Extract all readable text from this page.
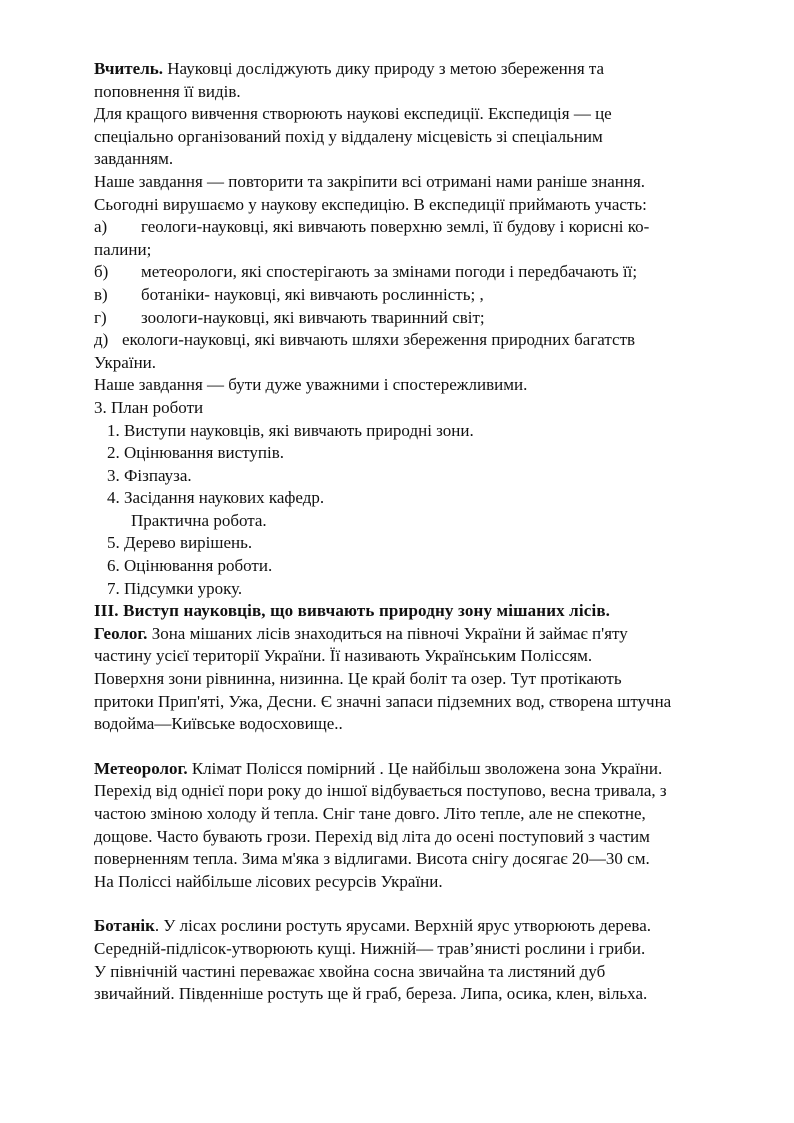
Вчитель. Науковці досліджують дику природу з метою збереження та
поповнення її видів.

Для кращого вивчення створюють наукові експедиції. Експедиція — це
спеціально організований похід у віддалену місцевість зі спеціальним
завданням.
Наше завдання — повторити та закріпити всі отримані нами раніше знання.
Сьогодні вирушаємо у наукову експедицію. В експедиції приймають участь:

а)	геологи-науковці, які вивчають поверхню землі, її будову і корисні ко-
палини;
б)	метеорологи, які спостерігають за змінами погоди і передбачають її;
в)	ботаніки- науковці, які вивчають рослинність; ,
г)	зоологи-науковці, які вивчають тваринний світ;
д) екологи-науковці, які вивчають шляхи збереження природних багатств
України.

Наше завдання — бути дуже уважними і спостережливими.

3. План роботи

1. Виступи науковців, які вивчають природні зони.
2. Оцінювання виступів.
3. Фізпауза.
4. Засідання наукових кафедр.
Практична робота.
5. Дерево вирішень.
6. Оцінювання роботи.
7. Підсумки уроку.

ІІІ. Виступ науковців, що вивчають природну зону мішаних лісів.

Геолог. Зона мішаних лісів знаходиться на півночі України й займає п'яту
частину усієї території України. Її називають Українським Поліссям.
Поверхня зони рівнинна, низинна. Це край боліт та озер. Тут протікають
притоки Прип'яті, Ужа, Десни. Є значні запаси підземних вод, створена штучна
водойма—Київське водосховище..

Метеоролог. Клімат Полісся помірний . Це найбільш зволожена зона України.
Перехід від однієї пори року до іншої відбувається поступово, весна тривала, з
частою зміною холоду й тепла. Сніг тане довго. Літо тепле, але не спекотне,
дощове. Часто бувають грози. Перехід від літа до осені поступовий з частим
поверненням тепла. Зима м'яка з відлигами. Висота снігу досягає 20—30 см.
На Поліссі найбільше лісових ресурсів України.

Ботанік. У лісах рослини ростуть ярусами. Верхній ярус утворюють дерева.
Середній-підлісок-утворюють кущі. Нижній— трав’янисті рослини і гриби.
У північній частині переважає хвойна сосна звичайна та листяний дуб
звичайний. Південніше ростуть ще й граб, береза. Липа, осика, клен, вільха.
